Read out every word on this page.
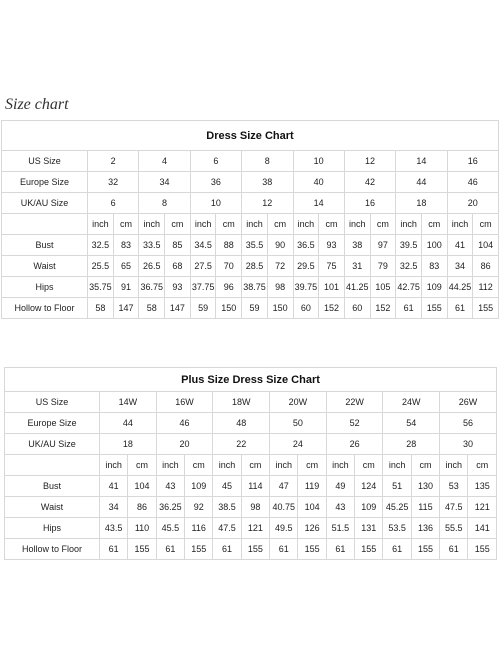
Size chart
Dress Size Chart
US Size	2		4		6		8		10		12		14		16	
Europe Size	32		34		36		38		40		42		44		46	
UK/AU Size	6		8		10		12		14		16		18		20	
	inch	cm	inch	cm	inch	cm	inch	cm	inch	cm	inch	cm	inch	cm	inch	cm
Bust	32.5	83	33.5	85	34.5	88	35.5	90	36.5	93	38	97	39.5	100	41	104
Waist	25.5	65	26.5	68	27.5	70	28.5	72	29.5	75	31	79	32.5	83	34	86
Hips	35.75	91	36.75	93	37.75	96	38.75	98	39.75	101	41.25	105	42.75	109	44.25	112
Hollow to Floor	58	147	58	147	59	150	59	150	60	152	60	152	61	155	61	155
Plus Size Dress Size Chart
US Size	14W		16W		18W		20W		22W		24W		26W	
Europe Size	44		46		48		50		52		54		56	
UK/AU Size	18		20		22		24		26		28		30	
	inch	cm	inch	cm	inch	cm	inch	cm	inch	cm	inch	cm	inch	cm
Bust	41	104	43	109	45	114	47	119	49	124	51	130	53	135
Waist	34	86	36.25	92	38.5	98	40.75	104	43	109	45.25	115	47.5	121
Hips	43.5	110	45.5	116	47.5	121	49.5	126	51.5	131	53.5	136	55.5	141
Hollow to Floor	61	155	61	155	61	155	61	155	61	155	61	155	61	155
